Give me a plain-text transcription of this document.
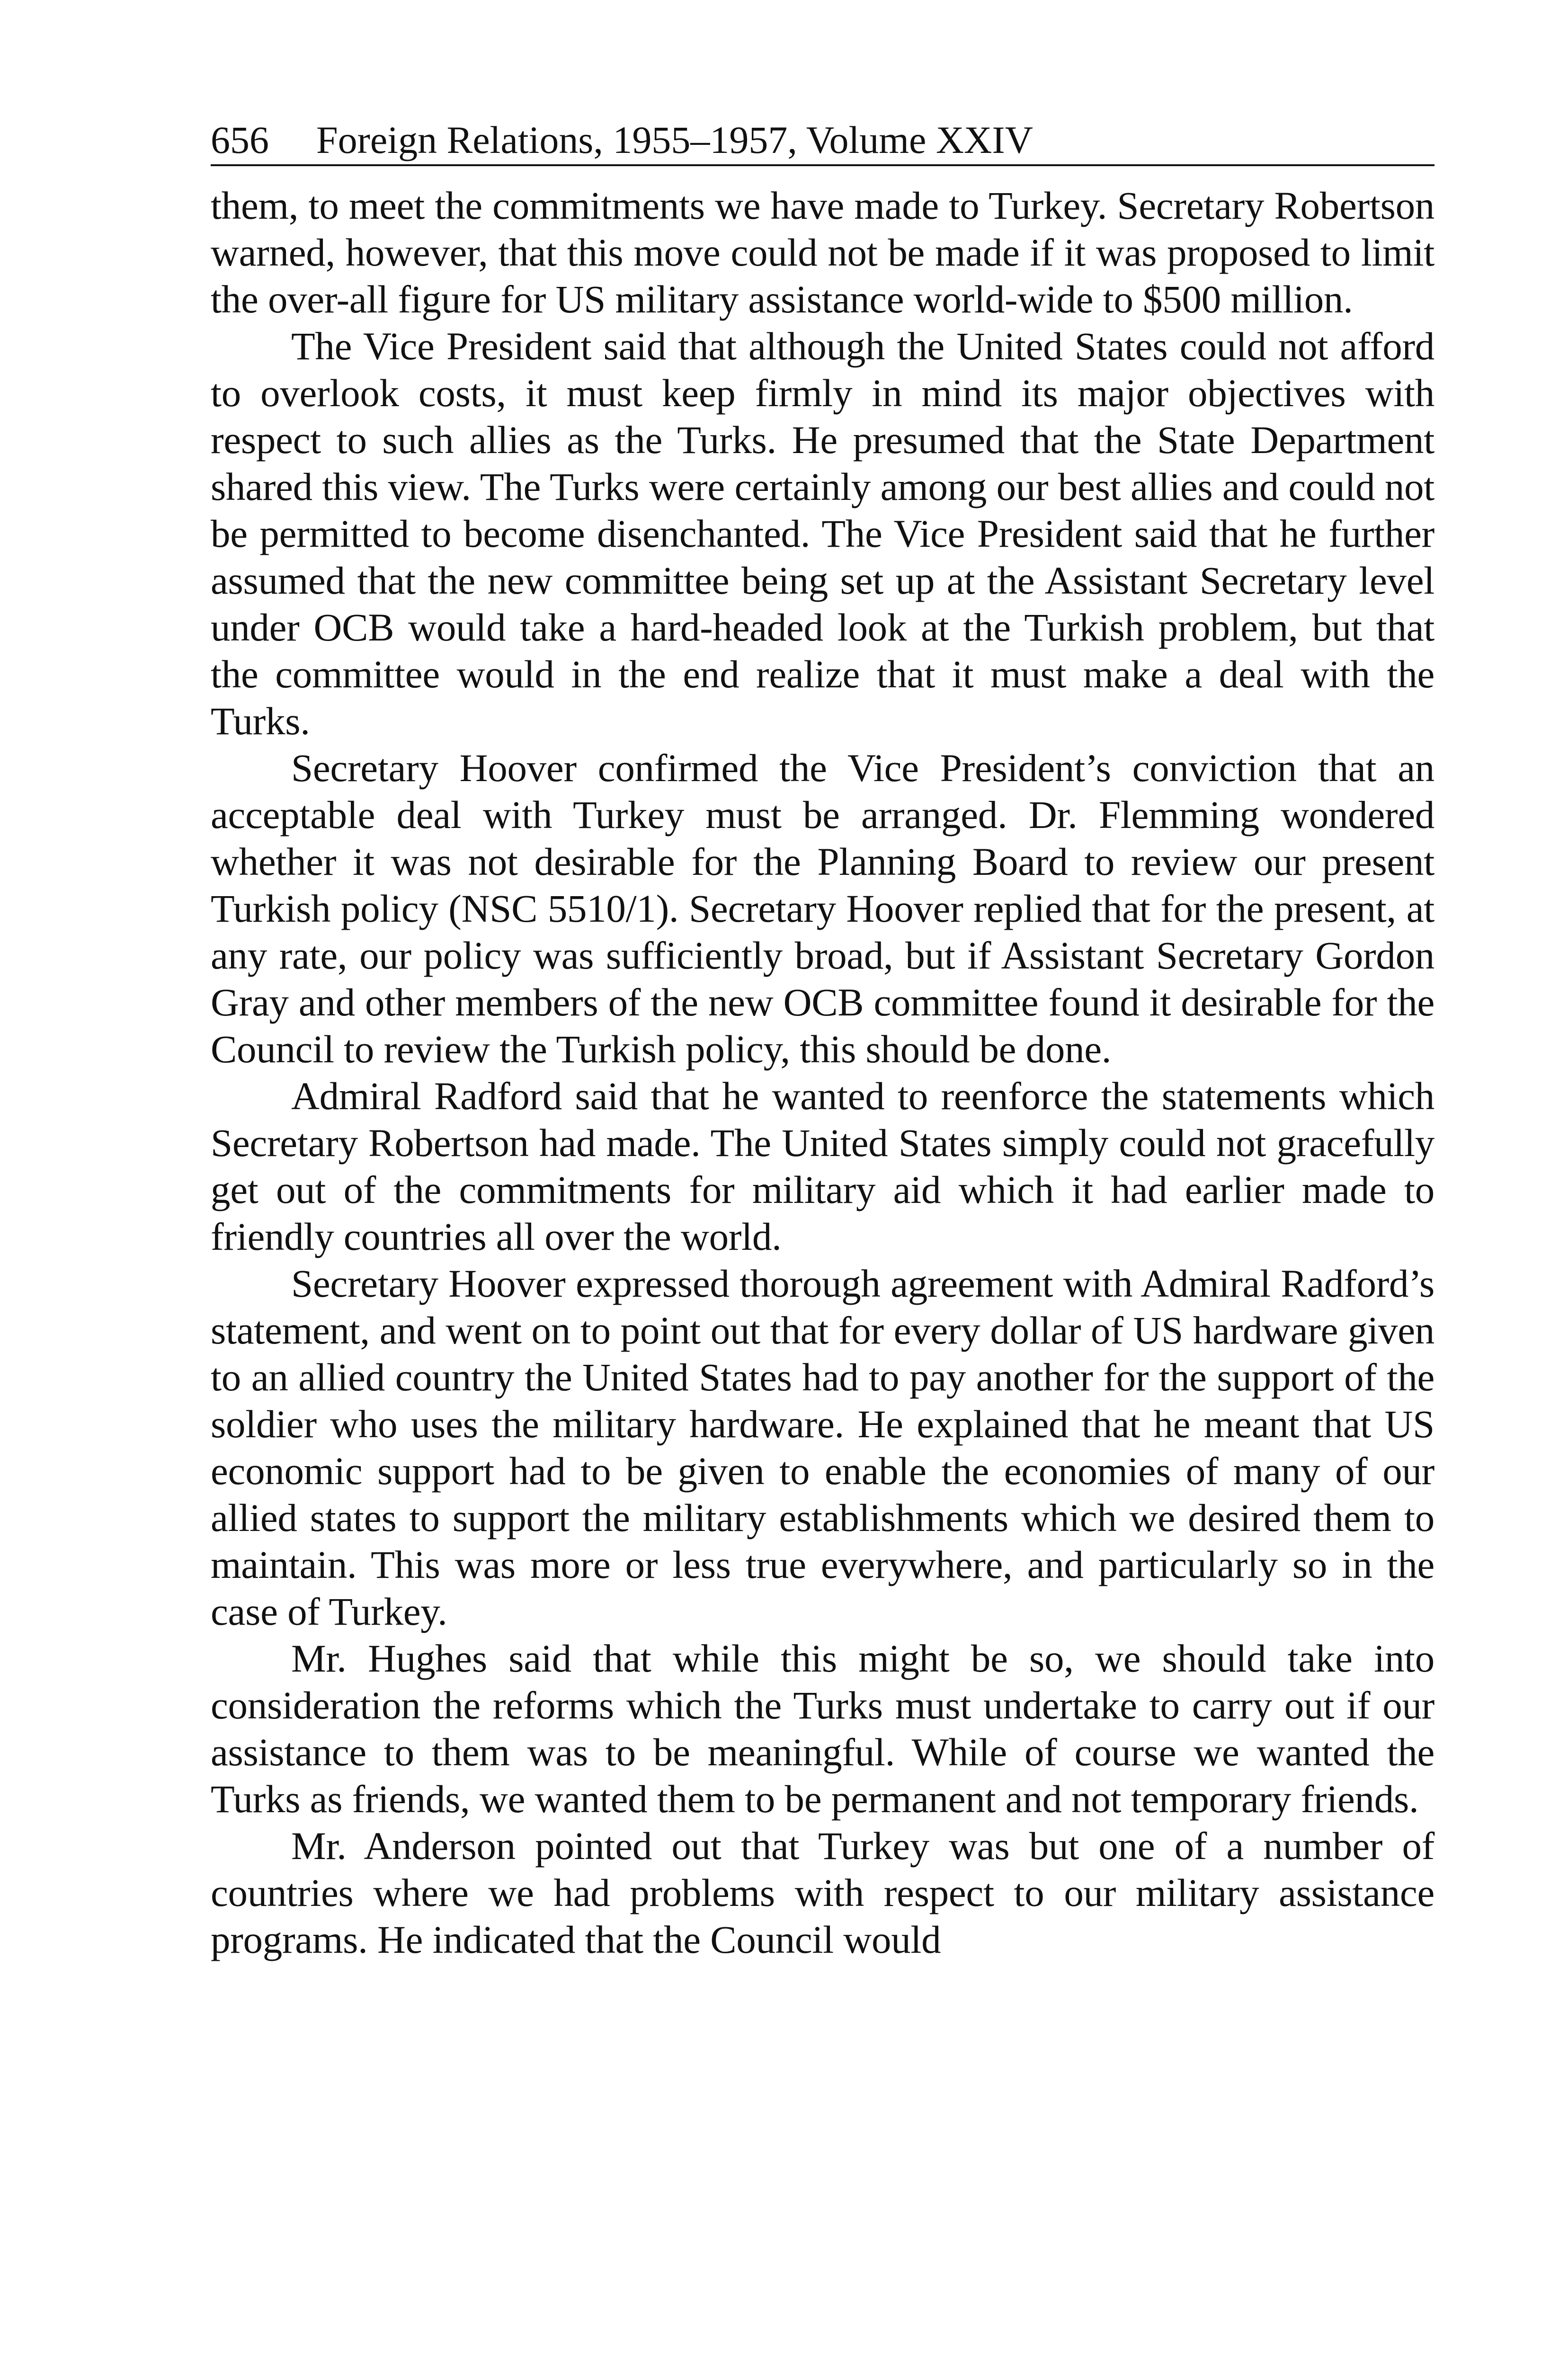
656 Foreign Relations, 1955–1957, Volume XXIV

them, to meet the commitments we have made to Turkey. Secretary Robertson warned, however, that this move could not be made if it was proposed to limit the over-all figure for US military assistance world-wide to $500 million.

The Vice President said that although the United States could not afford to overlook costs, it must keep firmly in mind its major objectives with respect to such allies as the Turks. He presumed that the State Department shared this view. The Turks were certainly among our best allies and could not be permitted to become disenchanted. The Vice President said that he further assumed that the new committee being set up at the Assistant Secretary level under OCB would take a hard-headed look at the Turkish problem, but that the committee would in the end realize that it must make a deal with the Turks.

Secretary Hoover confirmed the Vice President’s conviction that an acceptable deal with Turkey must be arranged. Dr. Flemming wondered whether it was not desirable for the Planning Board to review our present Turkish policy (NSC 5510/1). Secretary Hoover replied that for the present, at any rate, our policy was sufficiently broad, but if Assistant Secretary Gordon Gray and other members of the new OCB committee found it desirable for the Council to review the Turkish policy, this should be done.

Admiral Radford said that he wanted to reenforce the statements which Secretary Robertson had made. The United States simply could not gracefully get out of the commitments for military aid which it had earlier made to friendly countries all over the world.

Secretary Hoover expressed thorough agreement with Admiral Radford’s statement, and went on to point out that for every dollar of US hardware given to an allied country the United States had to pay another for the support of the soldier who uses the military hardware. He explained that he meant that US economic support had to be given to enable the economies of many of our allied states to support the military establishments which we desired them to maintain. This was more or less true everywhere, and particularly so in the case of Turkey.

Mr. Hughes said that while this might be so, we should take into consideration the reforms which the Turks must undertake to carry out if our assistance to them was to be meaningful. While of course we wanted the Turks as friends, we wanted them to be permanent and not temporary friends.

Mr. Anderson pointed out that Turkey was but one of a number of countries where we had problems with respect to our military assistance programs. He indicated that the Council would
